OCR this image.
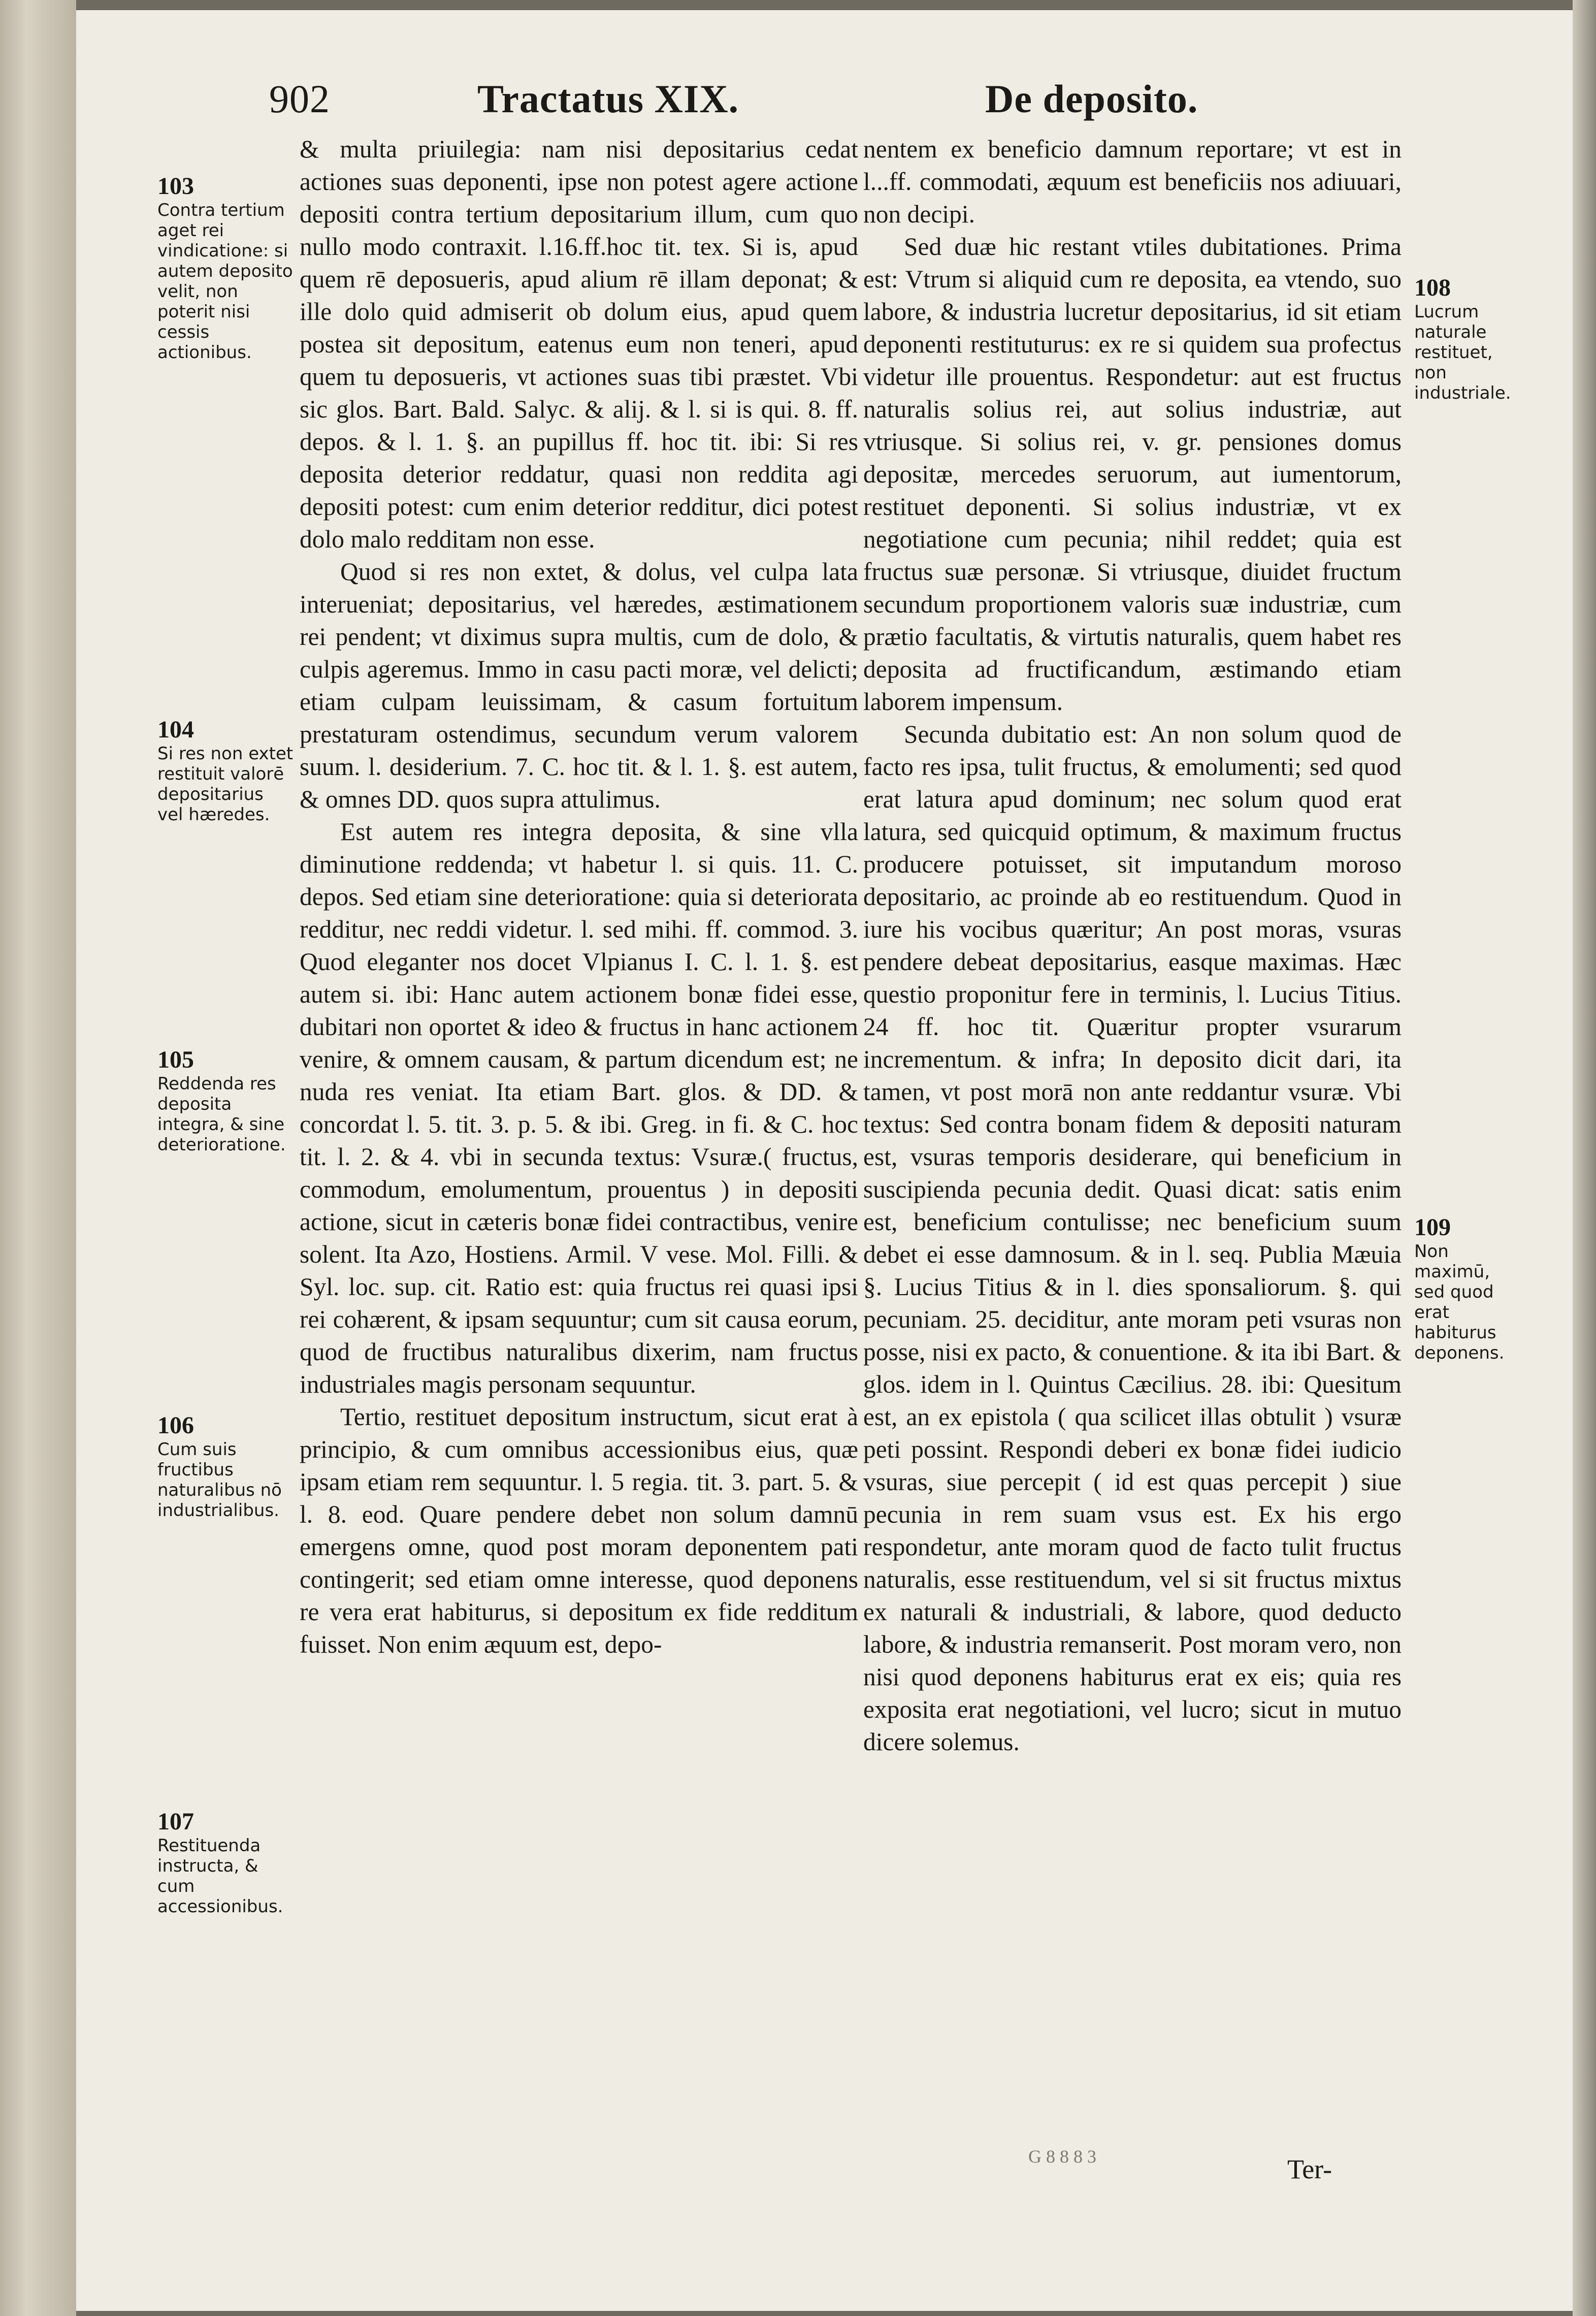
902	Tractatus XIX.	De deposito.

& multa priuilegia: nam nisi depositarius cedat actiones suas deponenti, ipse non potest agere actione depositi contra tertium depositarium illum, cum quo nullo modo contraxit. l.16.ff.hoc tit. tex. Si is, apud quem rē deposueris, apud alium rē illam deponat; & ille dolo quid admiserit ob dolum eius, apud quem postea sit depositum, eatenus eum non teneri, apud quem tu deposueris, vt actiones suas tibi præstet. Vbi sic glos. Bart. Bald. Salyc. & alij. & l. si is qui. 8. ff. depos. & l. 1. §. an pupillus ff. hoc tit. ibi: Si res deposita deterior reddatur, quasi non reddita agi depositi potest: cum enim deterior redditur, dici potest dolo malo redditam non esse.

Quod si res non extet, & dolus, vel culpa lata interueniat; depositarius, vel hæredes, æstimationem rei pendent; vt diximus supra multis, cum de dolo, & culpis ageremus. Immo in casu pacti moræ, vel delicti; etiam culpam leuissimam, & casum fortuitum prestaturam ostendimus, secundum verum valorem suum. l. desiderium. 7. C. hoc tit. & l. 1. §. est autem, & omnes DD. quos supra attulimus.

Est autem res integra deposita, & sine vlla diminutione reddenda; vt habetur l. si quis. 11. C. depos. Sed etiam sine deterioratione: quia si deteriorata redditur, nec reddi videtur. l. sed mihi. ff. commod. 3. Quod eleganter nos docet Vlpianus I. C. l. 1. §. est autem si. ibi: Hanc autem actionem bonæ fidei esse, dubitari non oportet & ideo & fructus in hanc actionem venire, & omnem causam, & partum dicendum est; ne nuda res veniat. Ita etiam Bart. glos. & DD. & concordat l. 5. tit. 3. p. 5. & ibi. Greg. in fi. & C. hoc tit. l. 2. & 4. vbi in secunda textus: Vsuræ.( fructus, commodum, emolumentum, prouentus ) in depositi actione, sicut in cæteris bonæ fidei contractibus, venire solent. Ita Azo, Hostiens. Armil. V vese. Mol. Filli. & Syl. loc. sup. cit. Ratio est: quia fructus rei quasi ipsi rei cohærent, & ipsam sequuntur; cum sit causa eorum, quod de fructibus naturalibus dixerim, nam fructus industriales magis personam sequuntur.

Tertio, restituet depositum instructum, sicut erat à principio, & cum omnibus accessionibus eius, quæ ipsam etiam rem sequuntur. l. 5 regia. tit. 3. part. 5. & l. 8. eod. Quare pendere debet non solum damnū emergens omne, quod post moram deponentem pati contingerit; sed etiam omne interesse, quod deponens re vera erat habiturus, si depositum ex fide redditum fuisset. Non enim æquum est, depo-

nentem ex beneficio damnum reportare; vt est in l...ff. commodati, æquum est beneficiis nos adiuuari, non decipi.

Sed duæ hic restant vtiles dubitationes. Prima est: Vtrum si aliquid cum re deposita, ea vtendo, suo labore, & industria lucretur depositarius, id sit etiam deponenti restituturus: ex re si quidem sua profectus videtur ille prouentus. Respondetur: aut est fructus naturalis solius rei, aut solius industriæ, aut vtriusque. Si solius rei, v. gr. pensiones domus depositæ, mercedes seruorum, aut iumentorum, restituet deponenti. Si solius industriæ, vt ex negotiatione cum pecunia; nihil reddet; quia est fructus suæ personæ. Si vtriusque, diuidet fructum secundum proportionem valoris suæ industriæ, cum prætio facultatis, & virtutis naturalis, quem habet res deposita ad fructificandum, æstimando etiam laborem impensum.

Secunda dubitatio est: An non solum quod de facto res ipsa, tulit fructus, & emolumenti; sed quod erat latura apud dominum; nec solum quod erat latura, sed quicquid optimum, & maximum fructus producere potuisset, sit imputandum moroso depositario, ac proinde ab eo restituendum. Quod in iure his vocibus quæritur; An post moras, vsuras pendere debeat depositarius, easque maximas. Hæc questio proponitur fere in terminis, l. Lucius Titius. 24 ff. hoc tit. Quæritur propter vsurarum incrementum. & infra; In deposito dicit dari, ita tamen, vt post morā non ante reddantur vsuræ. Vbi textus: Sed contra bonam fidem & depositi naturam est, vsuras temporis desiderare, qui beneficium in suscipienda pecunia dedit. Quasi dicat: satis enim est, beneficium contulisse; nec beneficium suum debet ei esse damnosum. & in l. seq. Publia Mæuia §. Lucius Titius & in l. dies sponsaliorum. §. qui pecuniam. 25. deciditur, ante moram peti vsuras non posse, nisi ex pacto, & conuentione. & ita ibi Bart. & glos. idem in l. Quintus Cæcilius. 28. ibi: Quesitum est, an ex epistola ( qua scilicet illas obtulit ) vsuræ peti possint. Respondi deberi ex bonæ fidei iudicio vsuras, siue percepit ( id est quas percepit ) siue pecunia in rem suam vsus est. Ex his ergo respondetur, ante moram quod de facto tulit fructus naturalis, esse restituendum, vel si sit fructus mixtus ex naturali & industriali, & labore, quod deducto labore, & industria remanserit. Post moram vero, non nisi quod deponens habiturus erat ex eis; quia res exposita erat negotiationi, vel lucro; sicut in mutuo dicere solemus.

103
Contra tertium aget rei vindicatione: si autem deposito velit, non poterit nisi cessis actionibus.
104
Si res non extet restituit valorē depositarius vel hæredes.
105
Reddenda res deposita integra, & sine deterioratione.
106
Cum suis fructibus naturalibus nō industrialibus.
107
Restituenda instructa, & cum accessionibus.
108
Lucrum naturale restituet, non industriale.
109
Non maximū, sed quod erat habiturus deponens.
G 8 8 8 3	Ter-
